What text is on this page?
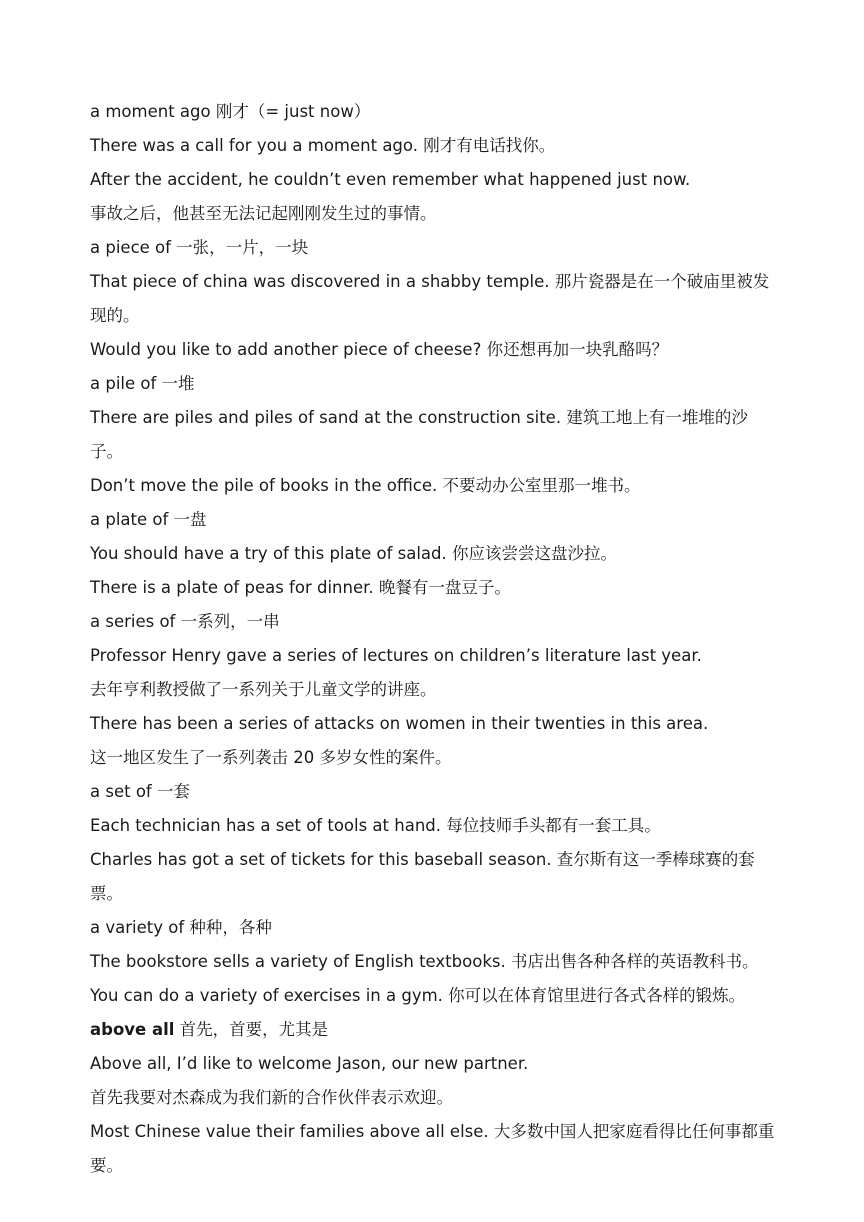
a moment ago 刚才（= just now）
There was a call for you a moment ago. 刚才有电话找你。
After the accident, he couldn’t even remember what happened just now.
事故之后，他甚至无法记起刚刚发生过的事情。
a piece of 一张，一片，一块
That piece of china was discovered in a shabby temple. 那片瓷器是在一个破庙里被发现的。
Would you like to add another piece of cheese? 你还想再加一块乳酪吗？
a pile of 一堆
There are piles and piles of sand at the construction site. 建筑工地上有一堆堆的沙子。
Don’t move the pile of books in the office. 不要动办公室里那一堆书。
a plate of 一盘
You should have a try of this plate of salad. 你应该尝尝这盘沙拉。
There is a plate of peas for dinner. 晚餐有一盘豆子。
a series of 一系列，一串
Professor Henry gave a series of lectures on children’s literature last year.
去年亨利教授做了一系列关于儿童文学的讲座。
There has been a series of attacks on women in their twenties in this area.
这一地区发生了一系列袭击 20 多岁女性的案件。
a set of 一套
Each technician has a set of tools at hand. 每位技师手头都有一套工具。
Charles has got a set of tickets for this baseball season. 查尔斯有这一季棒球赛的套票。
a variety of 种种，各种
The bookstore sells a variety of English textbooks. 书店出售各种各样的英语教科书。
You can do a variety of exercises in a gym. 你可以在体育馆里进行各式各样的锻炼。
above all 首先，首要，尤其是
Above all, I’d like to welcome Jason, our new partner.
首先我要对杰森成为我们新的合作伙伴表示欢迎。
Most Chinese value their families above all else. 大多数中国人把家庭看得比任何事都重要。
